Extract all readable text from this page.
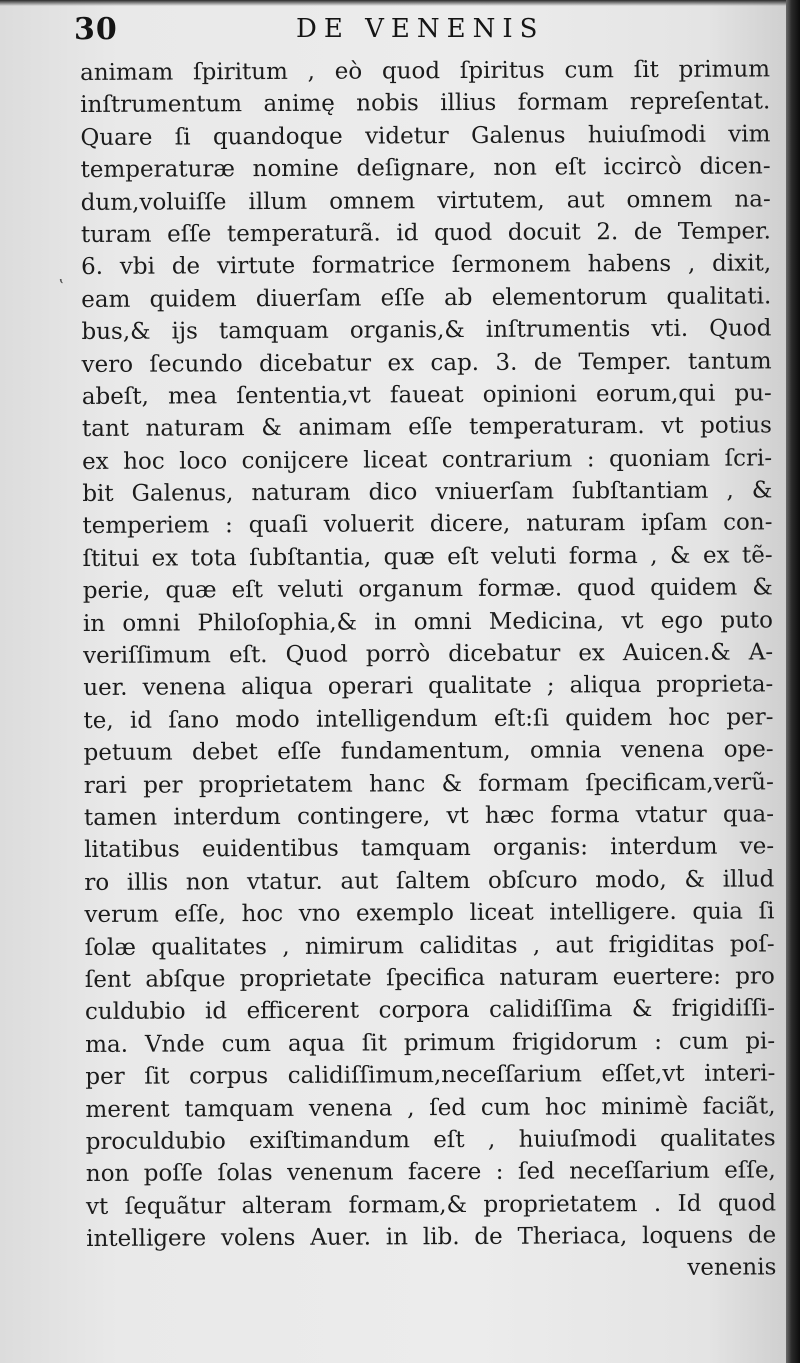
30	DE VENENIS
ʽ
animam ſpiritum , eò quod ſpiritus cum ſit primum
inſtrumentum animę nobis illius formam repreſentat.
Quare ſi quandoque videtur Galenus huiuſmodi vim
temperaturæ nomine deſignare, non eſt iccircò dicen-
dum,voluiſſe illum omnem virtutem, aut omnem na-
turam eſſe temperaturã. id quod docuit 2. de Temper.
6. vbi de virtute formatrice ſermonem habens , dixit,
eam quidem diuerſam eſſe ab elementorum qualitati.
bus,& ijs tamquam organis,& inſtrumentis vti. Quod
vero ſecundo dicebatur ex cap. 3. de Temper. tantum
abeſt, mea ſententia,vt faueat opinioni eorum,qui pu-
tant naturam & animam eſſe temperaturam. vt potius
ex hoc loco conijcere liceat contrarium : quoniam ſcri-
bit Galenus, naturam dico vniuerſam ſubſtantiam , &
temperiem : quaſi voluerit dicere, naturam ipſam con-
ſtitui ex tota ſubſtantia, quæ eſt veluti forma , & ex tẽ-
perie, quæ eſt veluti organum formæ. quod quidem &
in omni Philoſophia,& in omni Medicina, vt ego puto
veriſſimum eſt. Quod porrò dicebatur ex Auicen.& A-
uer. venena aliqua operari qualitate ; aliqua proprieta-
te, id ſano modo intelligendum eſt:ſi quidem hoc per-
petuum debet eſſe fundamentum, omnia venena ope-
rari per proprietatem hanc & formam ſpecificam,verũ-
tamen interdum contingere, vt hæc forma vtatur qua-
litatibus euidentibus tamquam organis: interdum ve-
ro illis non vtatur. aut ſaltem obſcuro modo, & illud
verum eſſe, hoc vno exemplo liceat intelligere. quia ſi
ſolæ qualitates , nimirum caliditas , aut frigiditas poſ-
ſent abſque proprietate ſpecifica naturam euertere: pro
culdubio id efficerent corpora calidiſſima & frigidiſſi-
ma. Vnde cum aqua ſit primum frigidorum : cum pi-
per ſit corpus calidiſſimum,neceſſarium eſſet,vt interi-
merent tamquam venena , ſed cum hoc minimè faciãt,
proculdubio exiſtimandum eſt , huiuſmodi qualitates
non poſſe ſolas venenum facere : ſed neceſſarium eſſe,
vt ſequãtur alteram formam,& proprietatem . Id quod
intelligere volens Auer. in lib. de Theriaca, loquens de
venenis
